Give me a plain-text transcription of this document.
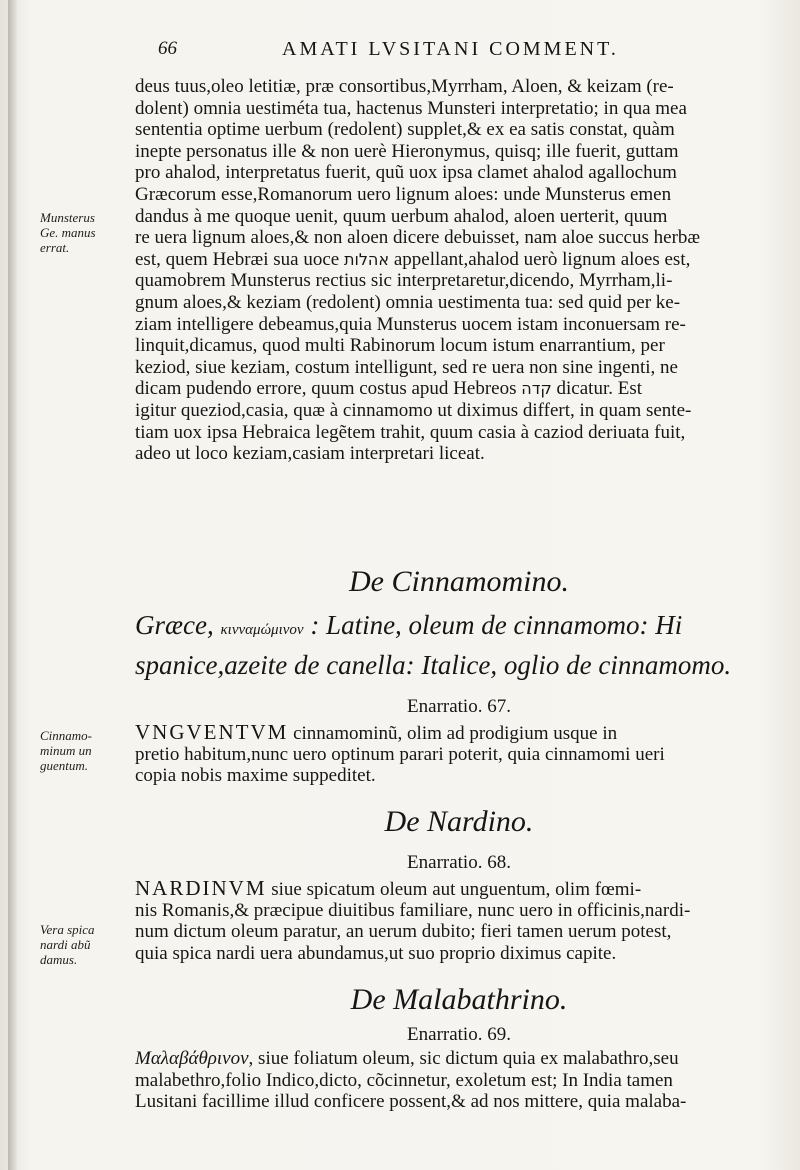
66	AMATI LVSITANI COMMENT.
deus tuus,oleo letitiæ, præ consortibus,Myrrham, Aloen, & keizam (re-
dolent) omnia uestiméta tua, hactenus Munsteri interpretatio; in qua mea
sententia optime uerbum (redolent) supplet,& ex ea satis constat, quàm
inepte personatus ille & non uerè Hieronymus, quisq; ille fuerit, guttam
pro ahalod, interpretatus fuerit, quũ uox ipsa clamet ahalod agallochum
Græcorum esse,Romanorum uero lignum aloes: unde Munsterus emen
dandus à me quoque uenit, quum uerbum ahalod, aloen uerterit, quum
re uera lignum aloes,& non aloen dicere debuisset, nam aloe succus herbæ
est, quem Hebræi sua uoce אהלות appellant,ahalod uerò lignum aloes est,
quamobrem Munsterus rectius sic interpretaretur,dicendo, Myrrham,li-
gnum aloes,& keziam (redolent) omnia uestimenta tua: sed quid per ke-
ziam intelligere debeamus,quia Munsterus uocem istam inconuersam re-
linquit,dicamus, quod multi Rabinorum locum istum enarrantium, per
keziod, siue keziam, costum intelligunt, sed re uera non sine ingenti, ne
dicam pudendo errore, quum costus apud Hebreos קדה dicatur. Est
igitur queziod,casia, quæ à cinnamomo ut diximus differt, in quam sente-
tiam uox ipsa Hebraica legẽtem trahit, quum casia à caziod deriuata fuit,
adeo ut loco keziam,casiam interpretari liceat.
De Cinnamomino.
Græce, κινναμώμινον : Latine, oleum de cinnamomo: Hi
spanice,azeite de canella: Italice, oglio de cinnamomo.
Enarratio. 67.
VNGVENTVM cinnamominũ, olim ad prodigium usque in
pretio habitum,nunc uero optinum parari poterit, quia cinnamomi ueri
copia nobis maxime suppeditet.
De Nardino.
Enarratio. 68.
NARDINVM siue spicatum oleum aut unguentum, olim fœmi-
nis Romanis,& præcipue diuitibus familiare, nunc uero in officinis,nardi-
num dictum oleum paratur, an uerum dubito; fieri tamen uerum potest,
quia spica nardi uera abundamus,ut suo proprio diximus capite.
De Malabathrino.
Enarratio. 69.
Μαλαβάθρινον, siue foliatum oleum, sic dictum quia ex malabathro,seu
malabethro,folio Indico,dicto, cõcinnetur, exoletum est; In India tamen
Lusitani facillime illud conficere possent,& ad nos mittere, quia malaba-
Munsterus
Ge. manus
errat.
Cinnamo-
minum un
guentum.
Vera spica
nardi abũ
damus.
